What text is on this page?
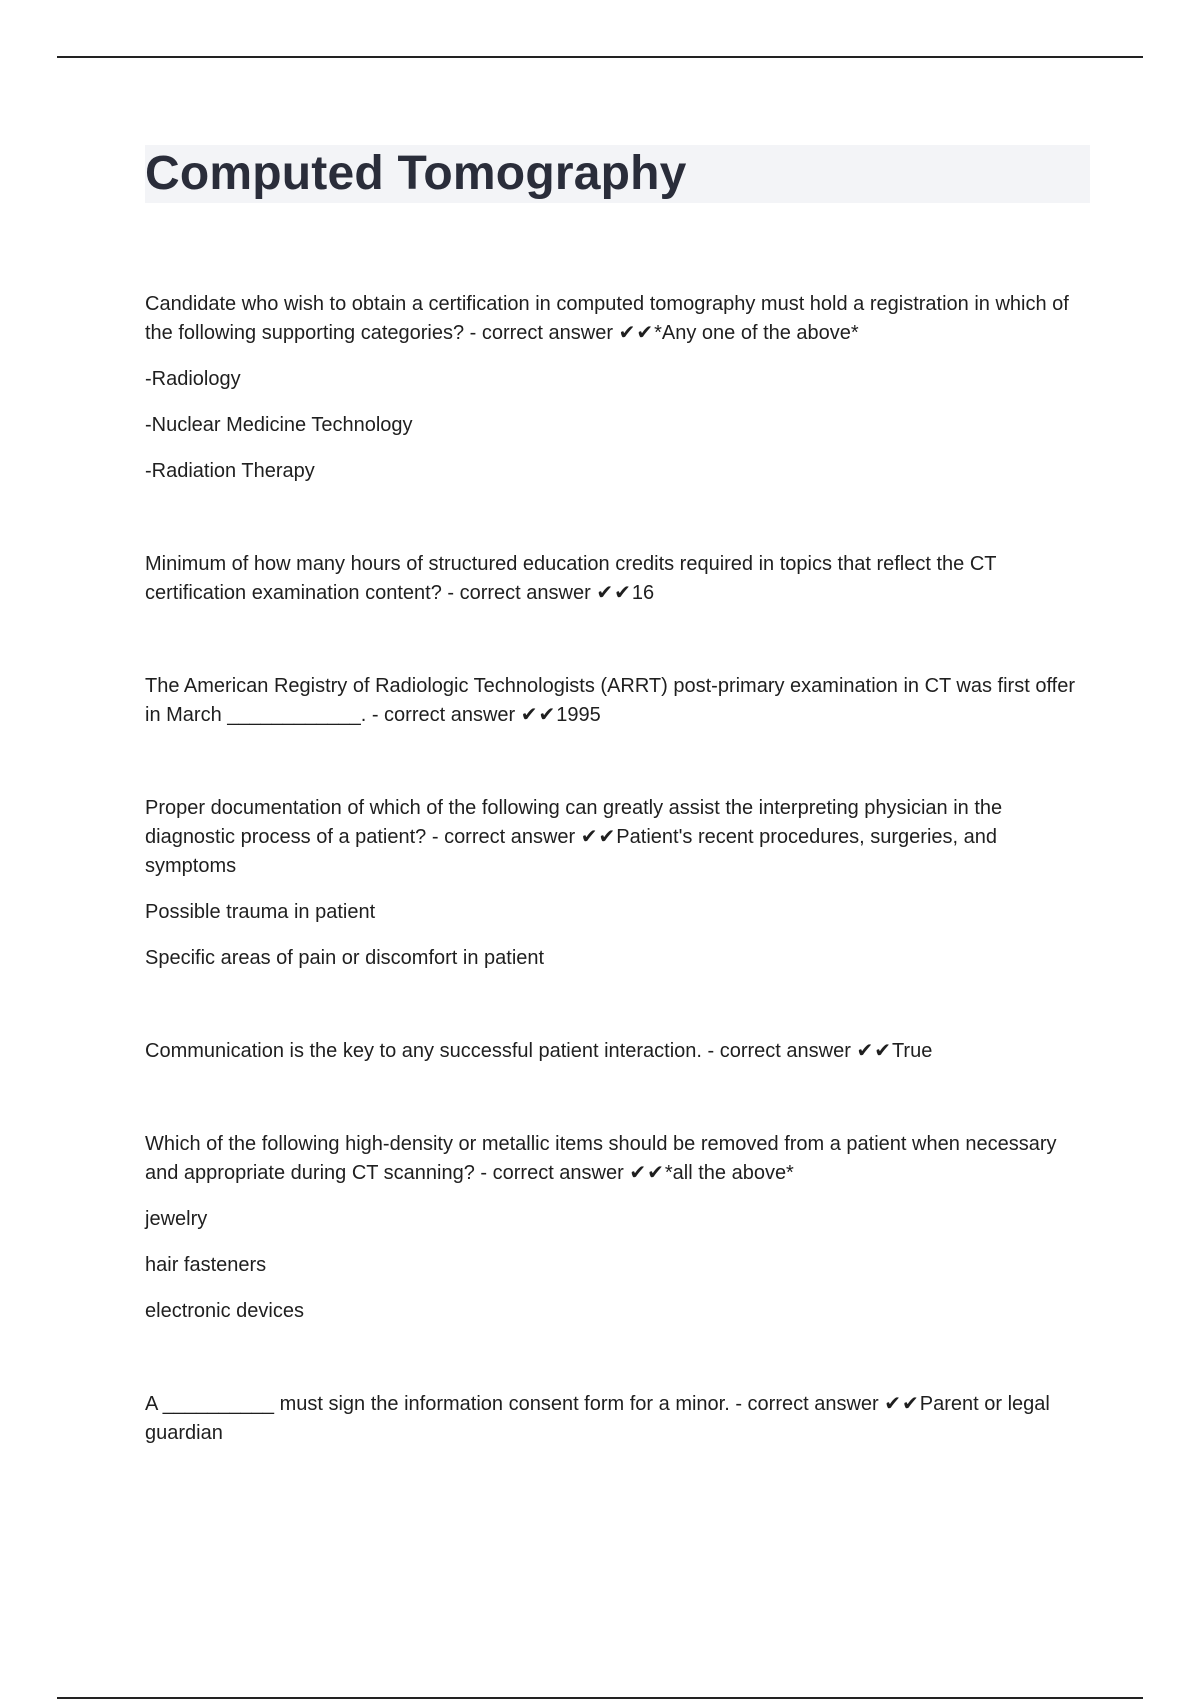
Computed Tomography

Candidate who wish to obtain a certification in computed tomography must hold a registration in which of the following supporting categories? - correct answer ✔✔*Any one of the above*

-Radiology

-Nuclear Medicine Technology

-Radiation Therapy

Minimum of how many hours of structured education credits required in topics that reflect the CT certification examination content? - correct answer ✔✔16

The American Registry of Radiologic Technologists (ARRT) post-primary examination in CT was first offer in March ____________. - correct answer ✔✔1995

Proper documentation of which of the following can greatly assist the interpreting physician in the diagnostic process of a patient? - correct answer ✔✔Patient's recent procedures, surgeries, and symptoms

Possible trauma in patient

Specific areas of pain or discomfort in patient

Communication is the key to any successful patient interaction. - correct answer ✔✔True

Which of the following high-density or metallic items should be removed from a patient when necessary and appropriate during CT scanning? - correct answer ✔✔*all the above*

jewelry

hair fasteners

electronic devices

A __________ must sign the information consent form for a minor. - correct answer ✔✔Parent or legal guardian
